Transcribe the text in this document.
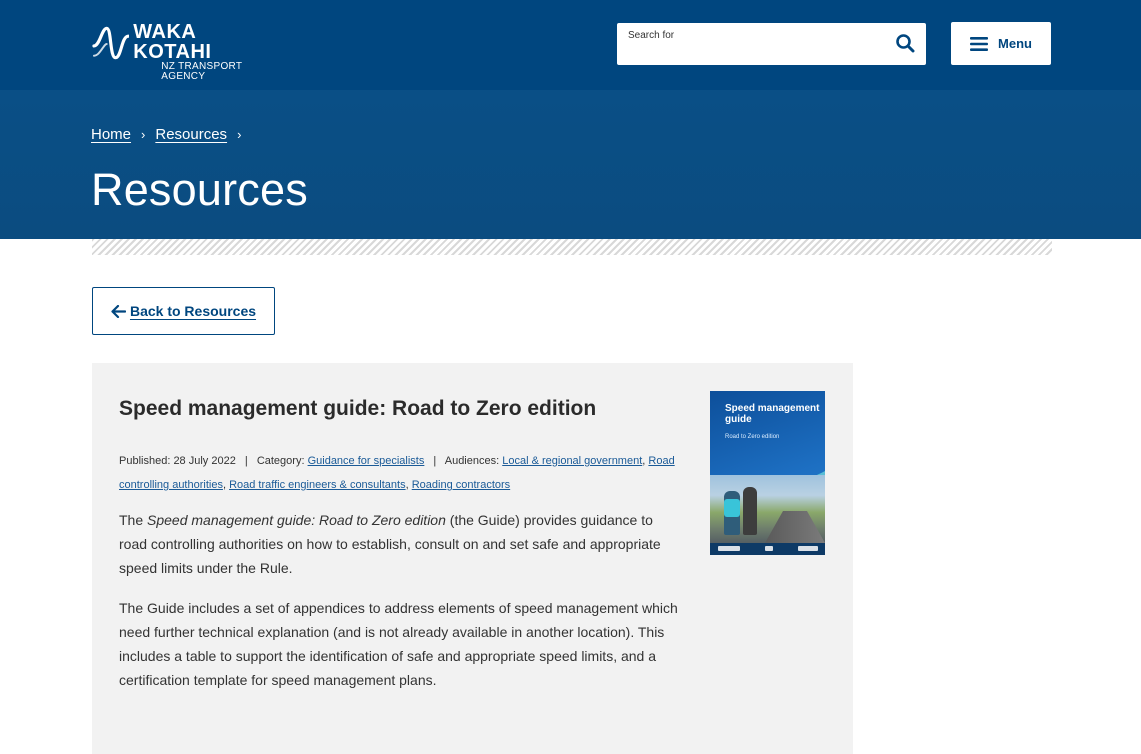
WAKA KOTAHI
NZ TRANSPORT
AGENCY
Search for
Menu
Home › Resources ›
Resources
Back to Resources
Speed management guide: Road to Zero edition
Published: 28 July 2022 | Category: Guidance for specialists | Audiences: Local & regional government, Road controlling authorities, Road traffic engineers & consultants, Roading contractors

The Speed management guide: Road to Zero edition (the Guide) provides guidance to road controlling authorities on how to establish, consult on and set safe and appropriate speed limits under the Rule.

The Guide includes a set of appendices to address elements of speed management which need further technical explanation (and is not already available in another location). This includes a table to support the identification of safe and appropriate speed limits, and a certification template for speed management plans.

Speed management guide
Road to Zero edition
